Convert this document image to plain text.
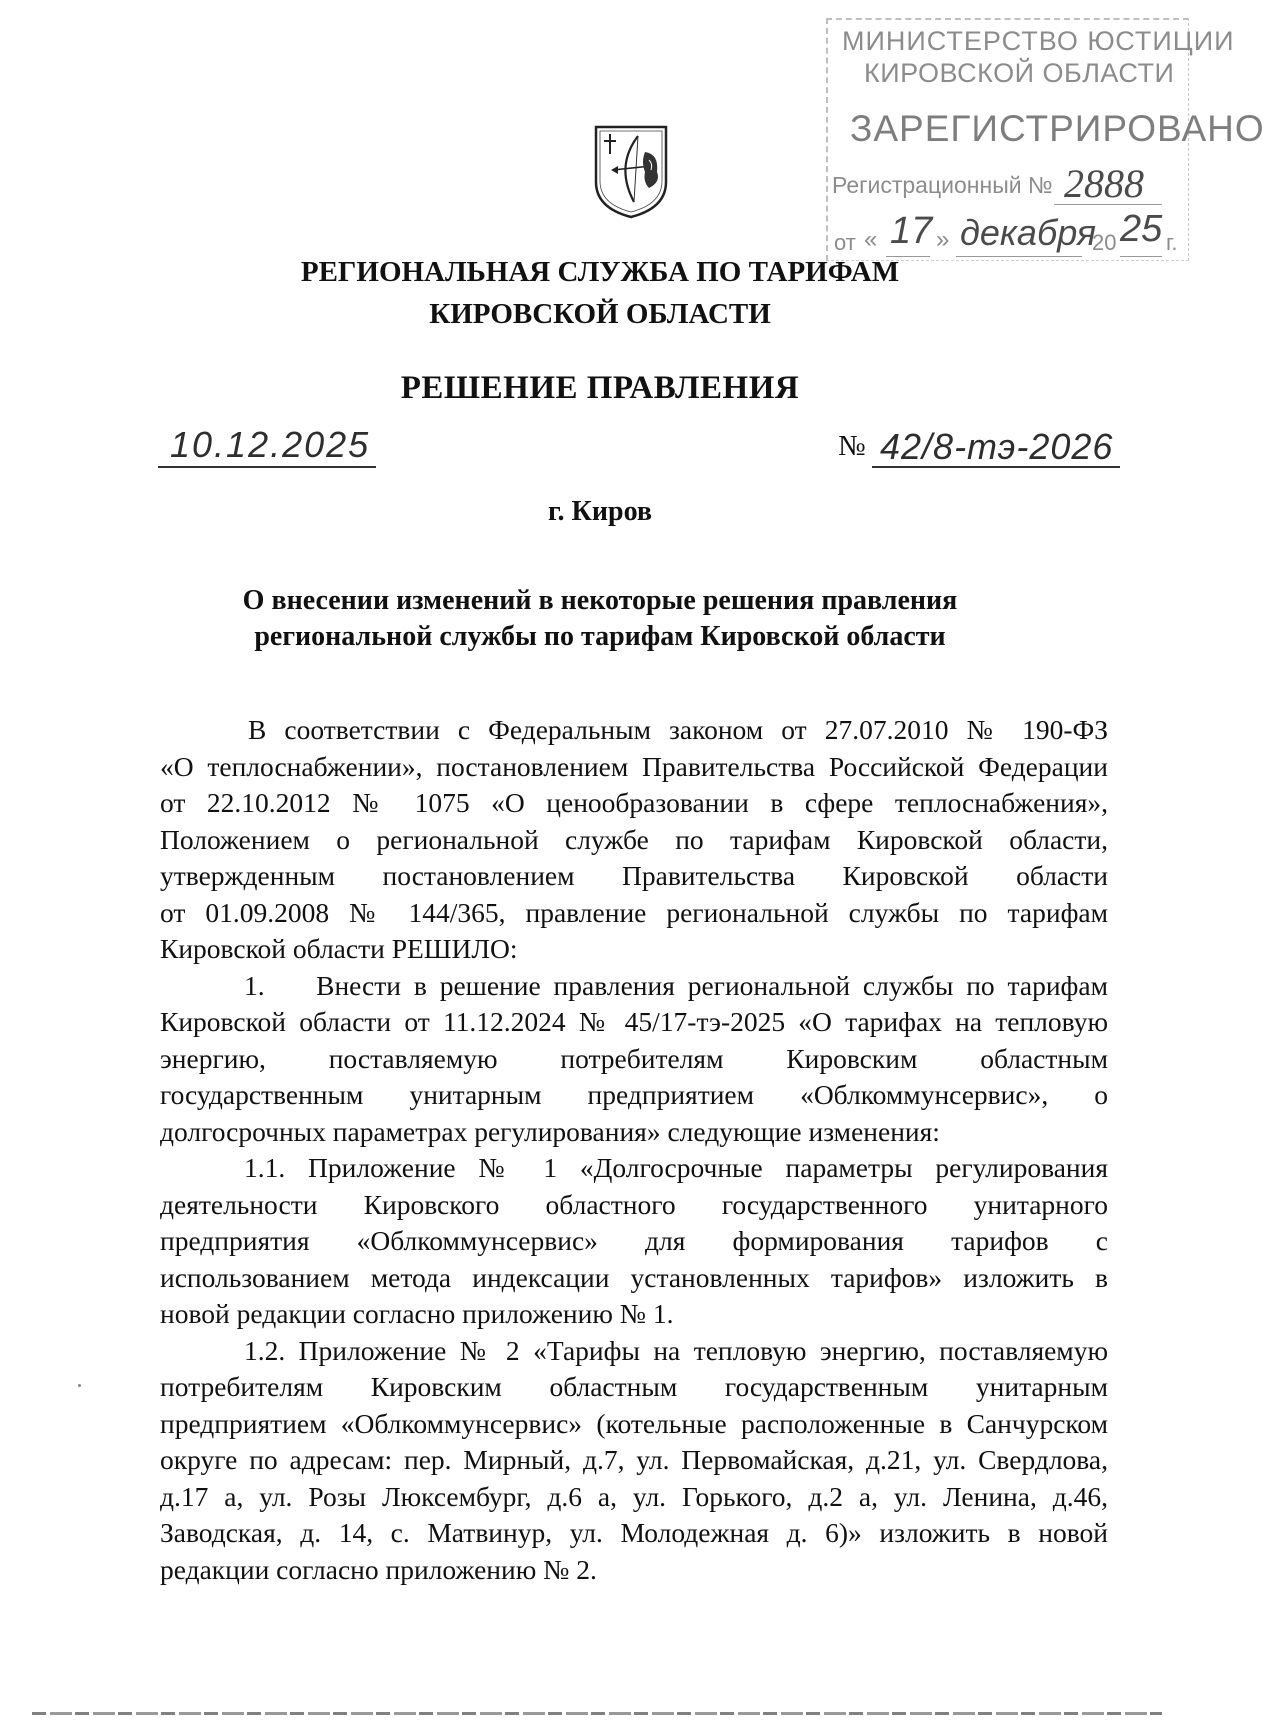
МИНИСТЕРСТВО ЮСТИЦИИ
КИРОВСКОЙ ОБЛАСТИ
ЗАРЕГИСТРИРОВАНО
Регистрационный № 2888
от « 17 » декабря
20 25 г.
РЕГИОНАЛЬНАЯ СЛУЖБА ПО ТАРИФАМ
КИРОВСКОЙ ОБЛАСТИ
РЕШЕНИЕ ПРАВЛЕНИЯ
10.12.2025	№ 42/8-тэ-2026
г. Киров
О внесении изменений в некоторые решения правления
региональной службы по тарифам Кировской области
В соответствии с Федеральным законом от 27.07.2010 № 190-ФЗ
«О теплоснабжении», постановлением Правительства Российской Федерации
от 22.10.2012 № 1075 «О ценообразовании в сфере теплоснабжения»,
Положением о региональной службе по тарифам Кировской области,
утвержденным постановлением Правительства Кировской области
от 01.09.2008 № 144/365, правление региональной службы по тарифам
Кировской области РЕШИЛО:
1.    Внести в решение правления региональной службы по тарифам
Кировской области от 11.12.2024 № 45/17-тэ-2025 «О тарифах на тепловую
энергию, поставляемую потребителям Кировским областным
государственным унитарным предприятием «Облкоммунсервис», о
долгосрочных параметрах регулирования» следующие изменения:
1.1. Приложение № 1 «Долгосрочные параметры регулирования
деятельности Кировского областного государственного унитарного
предприятия «Облкоммунсервис» для формирования тарифов с
использованием метода индексации установленных тарифов» изложить в
новой редакции согласно приложению № 1.
1.2. Приложение № 2 «Тарифы на тепловую энергию, поставляемую
потребителям Кировским областным государственным унитарным
предприятием «Облкоммунсервис» (котельные расположенные в Санчурском
округе по адресам: пер. Мирный, д.7, ул. Первомайская, д.21, ул. Свердлова,
д.17 а, ул. Розы Люксембург, д.6 а, ул. Горького, д.2 а, ул. Ленина, д.46,
Заводская, д. 14, с. Матвинур, ул. Молодежная д. 6)» изложить в новой
редакции согласно приложению № 2.
